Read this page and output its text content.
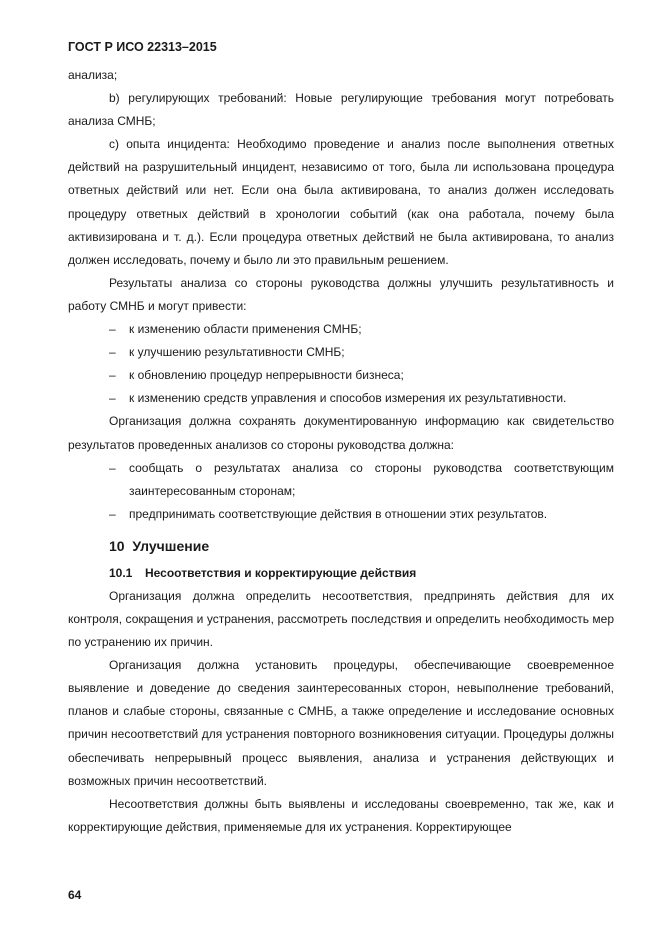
ГОСТ Р ИСО 22313–2015

анализа;

b) регулирующих требований: Новые регулирующие требования могут потребовать анализа СМНБ;

c) опыта инцидента: Необходимо проведение и анализ после выполнения ответных действий на разрушительный инцидент, независимо от того, была ли использована процедура ответных действий или нет. Если она была активирована, то анализ должен исследовать процедуру ответных действий в хронологии событий (как она работала, почему была активизирована и т. д.). Если процедура ответных действий не была активирована, то анализ должен исследовать, почему и было ли это правильным решением.

Результаты анализа со стороны руководства должны улучшить результативность и работу СМНБ и могут привести:

– к изменению области применения СМНБ;

– к улучшению результативности СМНБ;

– к обновлению процедур непрерывности бизнеса;

– к изменению средств управления и способов измерения их результативности.

Организация должна сохранять документированную информацию как свидетельство результатов проведенных анализов со стороны руководства должна:

– сообщать о результатах анализа со стороны руководства соответствующим заинтересованным сторонам;

– предпринимать соответствующие действия в отношении этих результатов.

10 Улучшение
10.1 Несоответствия и корректирующие действия

Организация должна определить несоответствия, предпринять действия для их контроля, сокращения и устранения, рассмотреть последствия и определить необходимость мер по устранению их причин.

Организация должна установить процедуры, обеспечивающие своевременное выявление и доведение до сведения заинтересованных сторон, невыполнение требований, планов и слабые стороны, связанные с СМНБ, а также определение и исследование основных причин несоответствий для устранения повторного возникновения ситуации. Процедуры должны обеспечивать непрерывный процесс выявления, анализа и устранения действующих и возможных причин несоответствий.

Несоответствия должны быть выявлены и исследованы своевременно, так же, как и корректирующие действия, применяемые для их устранения. Корректирующее

64
